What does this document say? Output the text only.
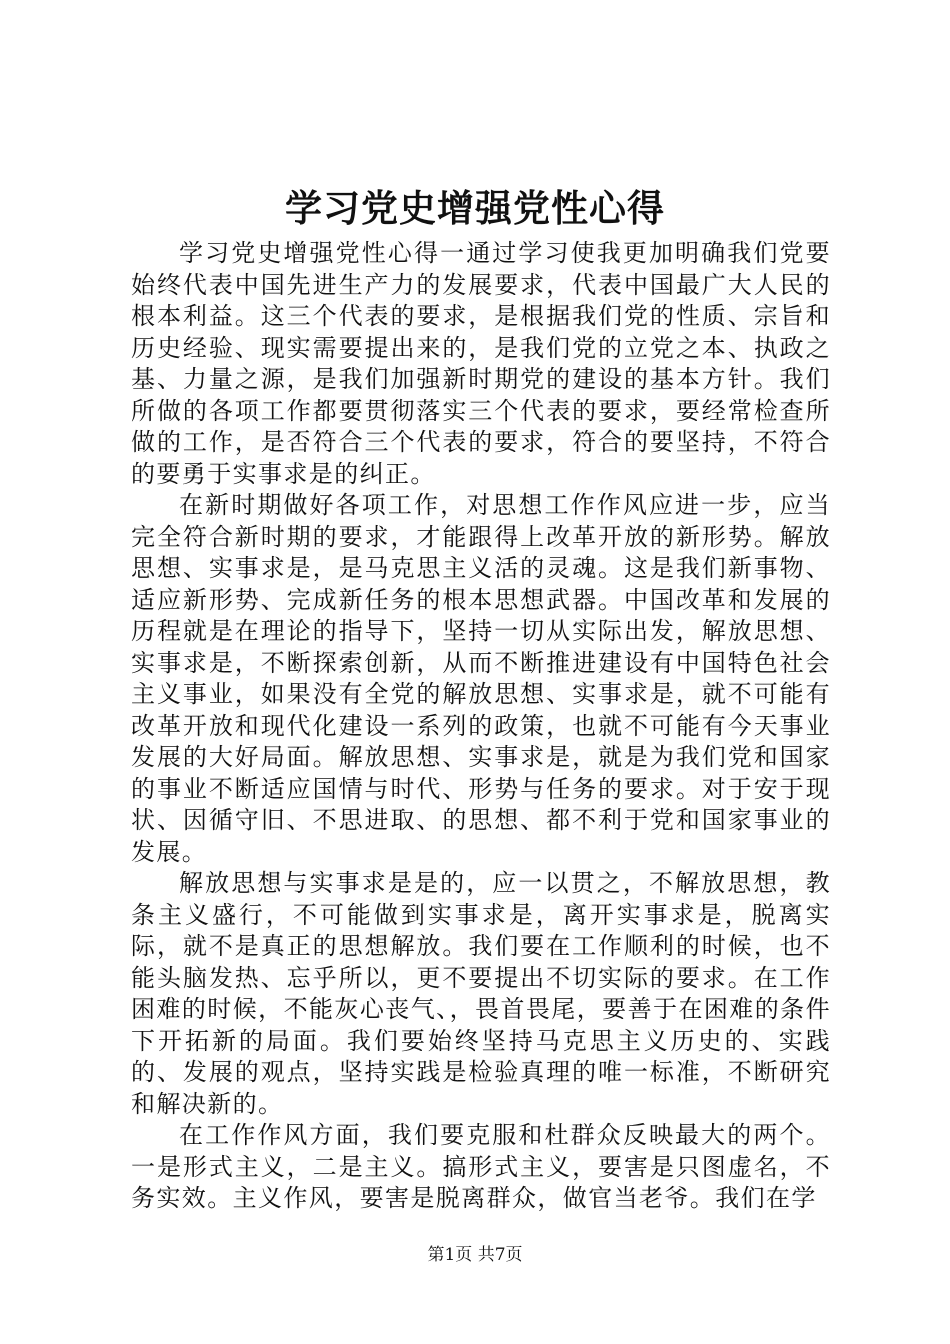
学习党史增强党性心得

学习党史增强党性心得一通过学习使我更加明确我们党要始终代表中国先进生产力的发展要求，代表中国最广大人民的根本利益。这三个代表的要求，是根据我们党的性质、宗旨和历史经验、现实需要提出来的，是我们党的立党之本、执政之基、力量之源，是我们加强新时期党的建设的基本方针。我们所做的各项工作都要贯彻落实三个代表的要求，要经常检查所做的工作，是否符合三个代表的要求，符合的要坚持，不符合的要勇于实事求是的纠正。

在新时期做好各项工作，对思想工作作风应进一步，应当完全符合新时期的要求，才能跟得上改革开放的新形势。解放思想、实事求是，是马克思主义活的灵魂。这是我们新事物、适应新形势、完成新任务的根本思想武器。中国改革和发展的历程就是在理论的指导下，坚持一切从实际出发，解放思想、实事求是，不断探索创新，从而不断推进建设有中国特色社会主义事业，如果没有全党的解放思想、实事求是，就不可能有改革开放和现代化建设一系列的政策，也就不可能有今天事业发展的大好局面。解放思想、实事求是，就是为我们党和国家的事业不断适应国情与时代、形势与任务的要求。对于安于现状、因循守旧、不思进取、的思想、都不利于党和国家事业的发展。

解放思想与实事求是是的，应一以贯之，不解放思想，教条主义盛行，不可能做到实事求是，离开实事求是，脱离实际，就不是真正的思想解放。我们要在工作顺利的时候，也不能头脑发热、忘乎所以，更不要提出不切实际的要求。在工作困难的时候，不能灰心丧气、，畏首畏尾，要善于在困难的条件下开拓新的局面。我们要始终坚持马克思主义历史的、实践的、发展的观点，坚持实践是检验真理的唯一标准，不断研究和解决新的。

在工作作风方面，我们要克服和杜群众反映最大的两个。一是形式主义，二是主义。搞形式主义，要害是只图虚名，不务实效。主义作风，要害是脱离群众，做官当老爷。我们在学

第1页 共7页
